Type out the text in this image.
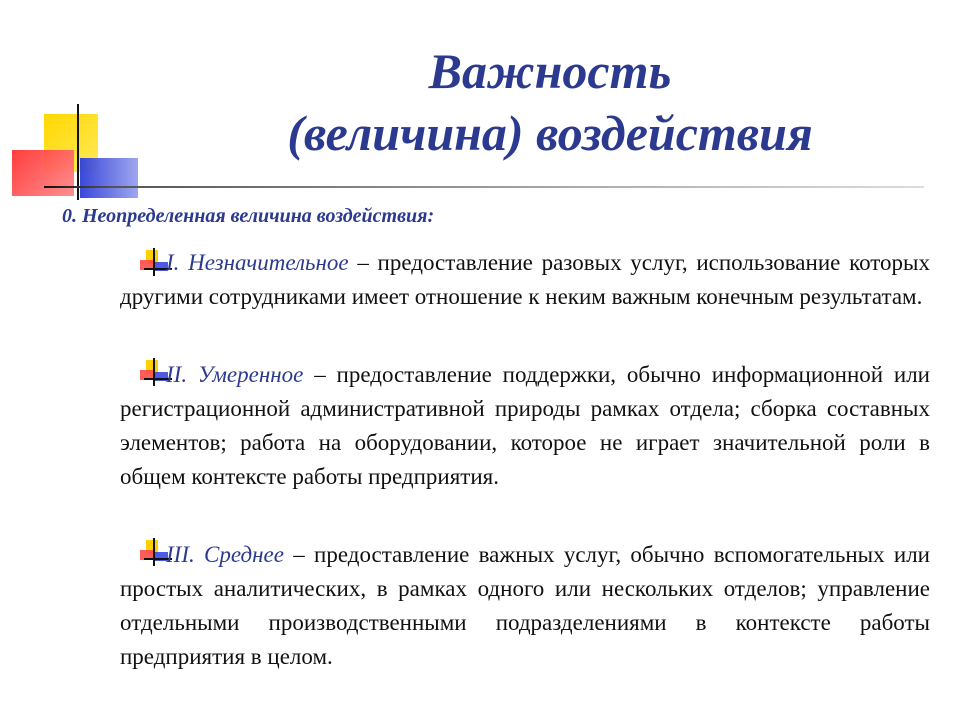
Важность
(величина) воздействия

0. Неопределенная величина воздействия:

I. Незначительное – предоставление разовых услуг, использование которых другими сотрудниками имеет отношение к неким важным конечным результатам.

II. Умеренное – предоставление поддержки, обычно информационной или регистрационной административной природы рамках отдела; сборка составных элементов; работа на оборудовании, которое не играет значительной роли в общем контексте работы предприятия.

III. Среднее – предоставление важных услуг, обычно вспомогательных или простых аналитических, в рамках одного или нескольких отделов; управление отдельными производственными подразделениями в контексте работы предприятия в целом.
